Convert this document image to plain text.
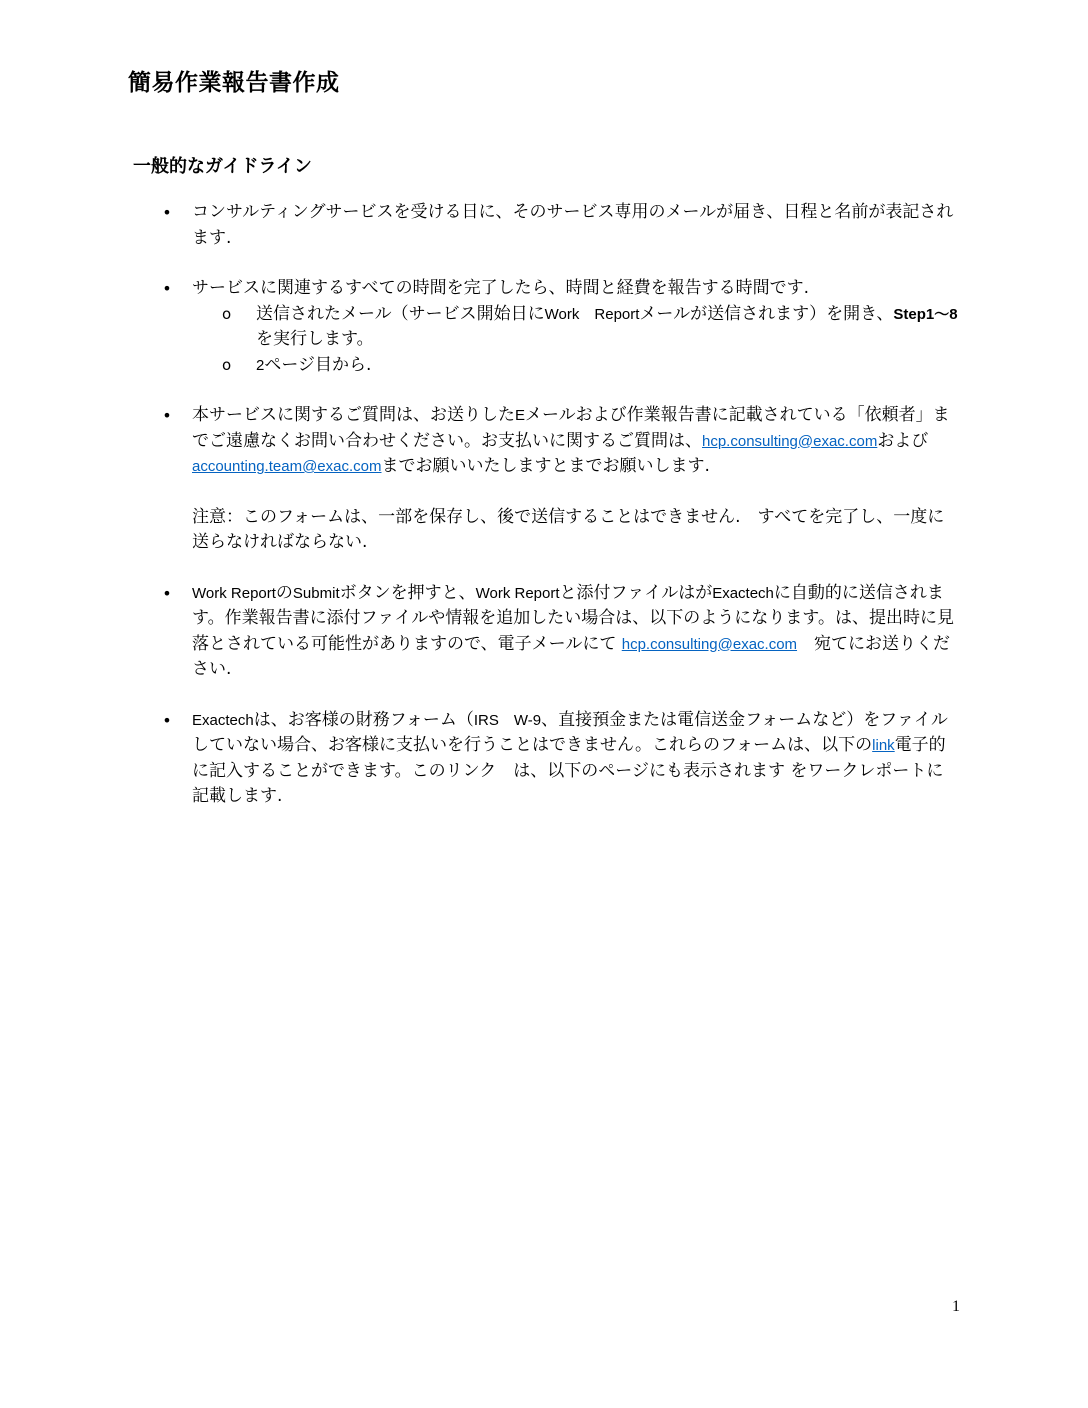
簡易作業報告書作成
一般的なガイドライン
• コンサルティングサービスを受ける日に、そのサービス専用のメールが届き、日程と名前が表記されます.
• サービスに関連するすべての時間を完了したら、時間と経費を報告する時間です.
o 送信されたメール（サービス開始日にWork　Reportメールが送信されます）を開き、Step1〜8を実行します。
o 2ページ目から.
• 本サービスに関するご質問は、お送りしたEメールおよび作業報告書に記載されている「依頼者」までご遠慮なくお問い合わせください。お支払いに関するご質問は、hcp.consulting@exac.comおよびaccounting.team@exac.comまでお願いいたしますとまでお願いします.
注意：このフォームは、一部を保存し、後で送信することはできません.　すべてを完了し、一度に送らなければならない.
• Work ReportのSubmitボタンを押すと、Work Reportと添付ファイルはがExactechに自動的に送信されます。作業報告書に添付ファイルや情報を追加したい場合は、以下のようになります。は、提出時に見落とされている可能性がありますので、電子メールにて hcp.consulting@exac.com　 宛てにお送りください.
• Exactechは、お客様の財務フォーム（IRS　W-9、直接預金または電信送金フォームなど）をファイルしていない場合、お客様に支払いを行うことはできません。これらのフォームは、以下のlink電子的に記入することができます。このリンク　は、以下のページにも表示されます をワークレポートに記載します.
1
